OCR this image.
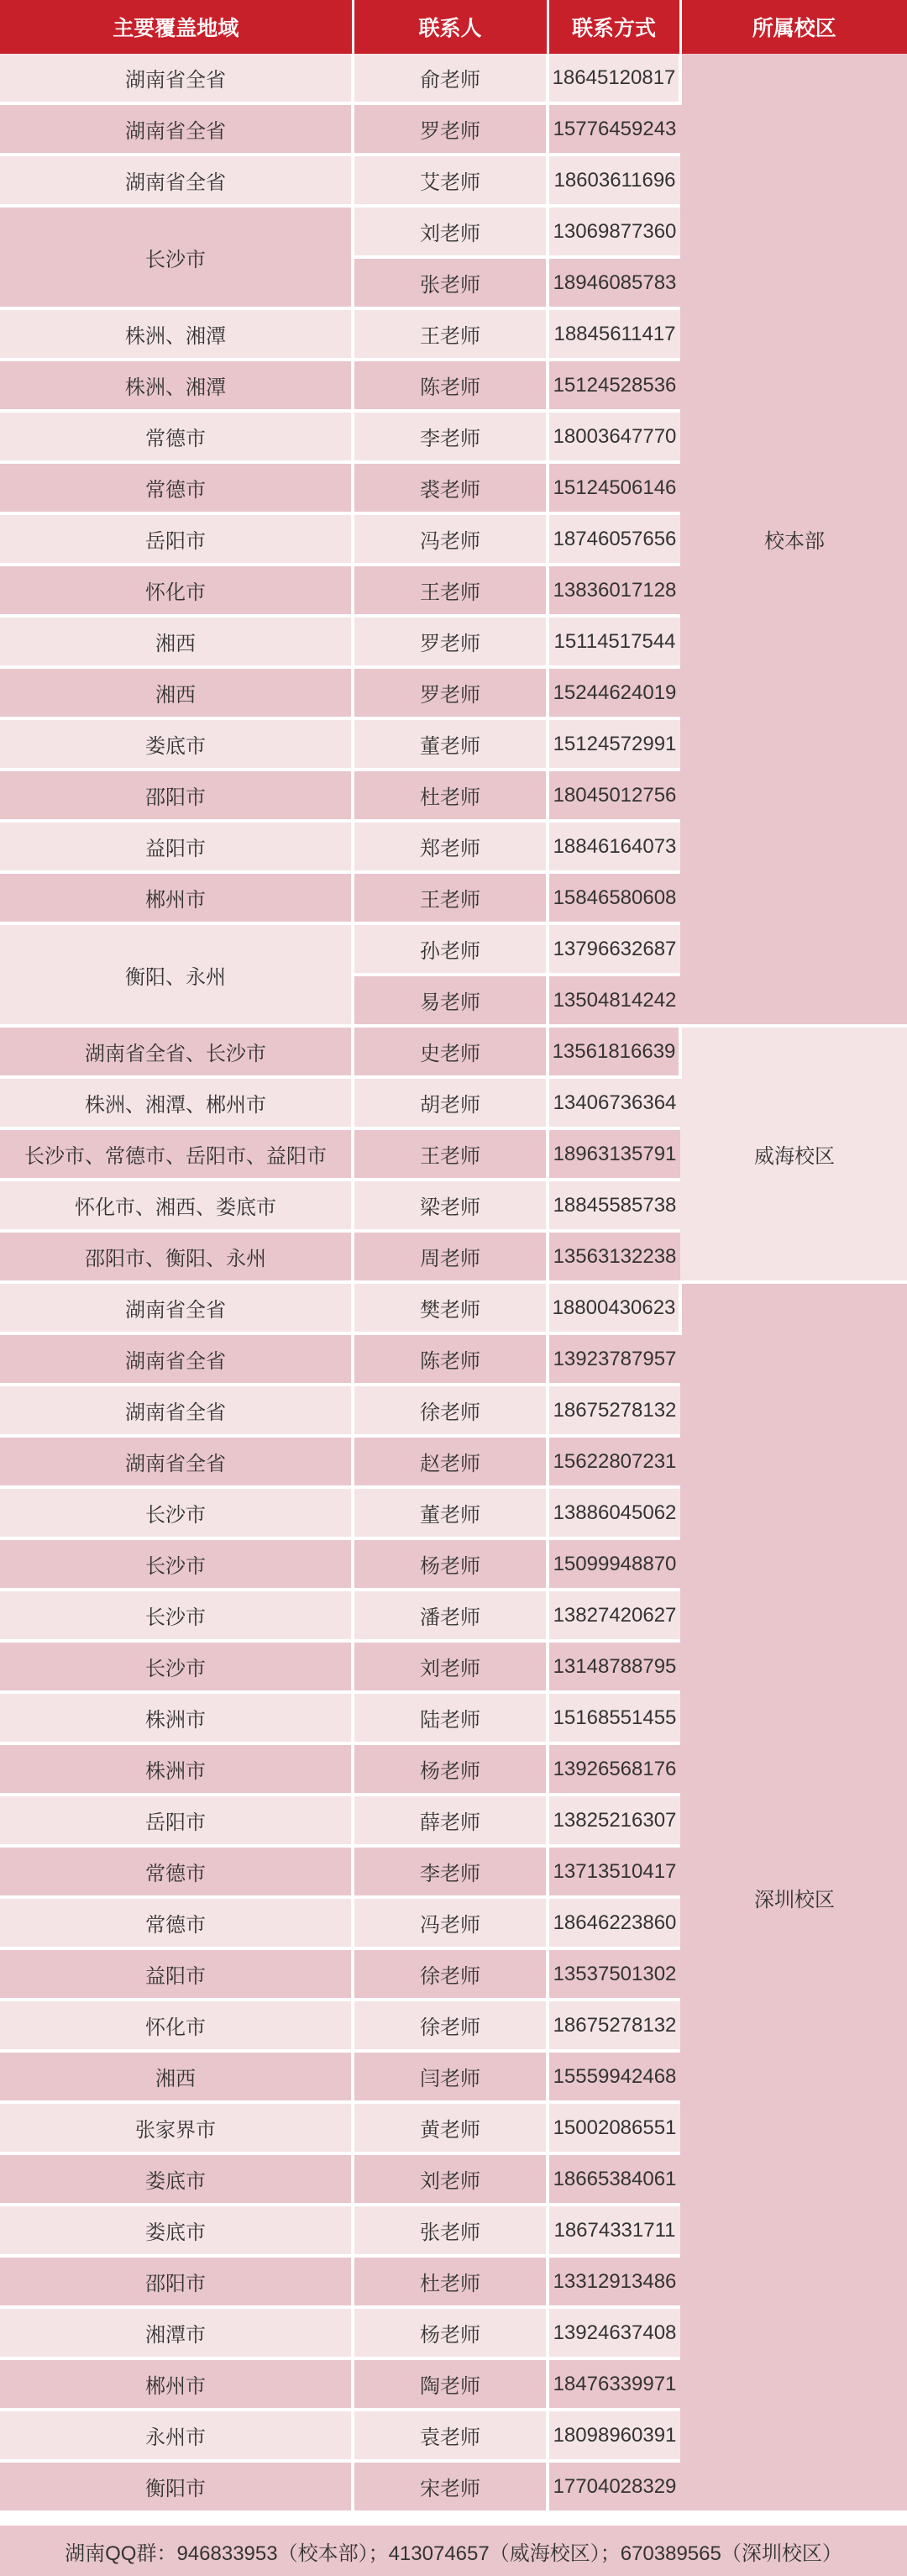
主要覆盖地域	联系人	联系方式	所属校区
湖南省全省	俞老师	18645120817	校本部
湖南省全省	罗老师	15776459243	
湖南省全省	艾老师	18603611696	
长沙市	刘老师	13069877360	
	张老师	18946085783	
株洲、湘潭	王老师	18845611417	
株洲、湘潭	陈老师	15124528536	
常德市	李老师	18003647770	
常德市	裘老师	15124506146	
岳阳市	冯老师	18746057656	
怀化市	王老师	13836017128	
湘西	罗老师	15114517544	
湘西	罗老师	15244624019	
娄底市	董老师	15124572991	
邵阳市	杜老师	18045012756	
益阳市	郑老师	18846164073	
郴州市	王老师	15846580608	
衡阳、永州	孙老师	13796632687	
	易老师	13504814242	
湖南省全省、长沙市	史老师	13561816639	威海校区
株洲、湘潭、郴州市	胡老师	13406736364	
长沙市、常德市、岳阳市、益阳市	王老师	18963135791	
怀化市、湘西、娄底市	梁老师	18845585738	
邵阳市、衡阳、永州	周老师	13563132238	
湖南省全省	樊老师	18800430623	深圳校区
湖南省全省	陈老师	13923787957	
湖南省全省	徐老师	18675278132	
湖南省全省	赵老师	15622807231	
长沙市	董老师	13886045062	
长沙市	杨老师	15099948870	
长沙市	潘老师	13827420627	
长沙市	刘老师	13148788795	
株洲市	陆老师	15168551455	
株洲市	杨老师	13926568176	
岳阳市	薛老师	13825216307	
常德市	李老师	13713510417	
常德市	冯老师	18646223860	
益阳市	徐老师	13537501302	
怀化市	徐老师	18675278132	
湘西	闫老师	15559942468	
张家界市	黄老师	15002086551	
娄底市	刘老师	18665384061	
娄底市	张老师	18674331711	
邵阳市	杜老师	13312913486	
湘潭市	杨老师	13924637408	
郴州市	陶老师	18476339971	
永州市	袁老师	18098960391	
衡阳市	宋老师	17704028329	
湖南QQ群：946833953（校本部）；413074657（威海校区）；670389565（深圳校区）
